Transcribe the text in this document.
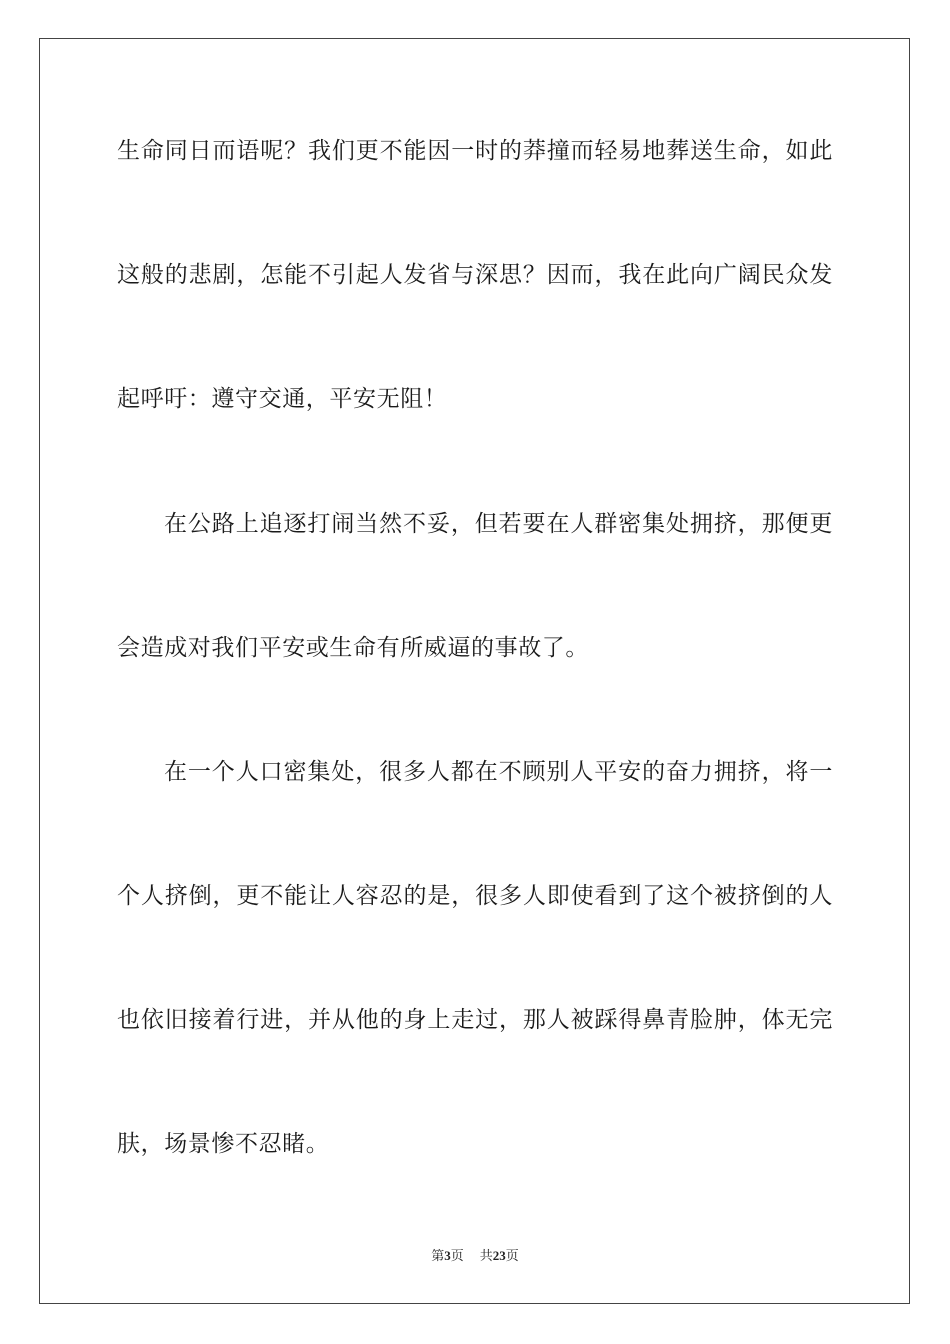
生命同日而语呢？我们更不能因一时的莽撞而轻易地葬送生命，如此
这般的悲剧，怎能不引起人发省与深思？因而，我在此向广阔民众发
起呼吁：遵守交通，平安无阻！
在公路上追逐打闹当然不妥，但若要在人群密集处拥挤，那便更
会造成对我们平安或生命有所威逼的事故了。
在一个人口密集处，很多人都在不顾别人平安的奋力拥挤，将一
个人挤倒，更不能让人容忍的是，很多人即使看到了这个被挤倒的人
也依旧接着行进，并从他的身上走过，那人被踩得鼻青脸肿，体无完
肤，场景惨不忍睹。
第3页 共23页
